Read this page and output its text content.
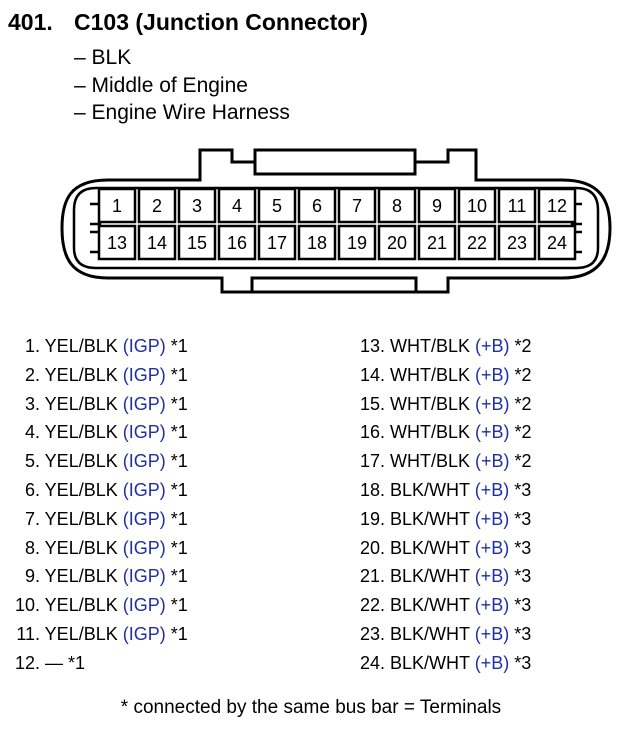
401. C103 (Junction Connector)
– BLK
– Middle of Engine
– Engine Wire Harness
1 2 3 4 5 6 7 8 9 10 11 12
13 14 15 16 17 18 19 20 21 22 23 24
1. YEL/BLK (IGP) *1
2. YEL/BLK (IGP) *1
3. YEL/BLK (IGP) *1
4. YEL/BLK (IGP) *1
5. YEL/BLK (IGP) *1
6. YEL/BLK (IGP) *1
7. YEL/BLK (IGP) *1
8. YEL/BLK (IGP) *1
9. YEL/BLK (IGP) *1
10. YEL/BLK (IGP) *1
11. YEL/BLK (IGP) *1
12. — *1
13. WHT/BLK (+B) *2
14. WHT/BLK (+B) *2
15. WHT/BLK (+B) *2
16. WHT/BLK (+B) *2
17. WHT/BLK (+B) *2
18. BLK/WHT (+B) *3
19. BLK/WHT (+B) *3
20. BLK/WHT (+B) *3
21. BLK/WHT (+B) *3
22. BLK/WHT (+B) *3
23. BLK/WHT (+B) *3
24. BLK/WHT (+B) *3
* connected by the same bus bar = Terminals
